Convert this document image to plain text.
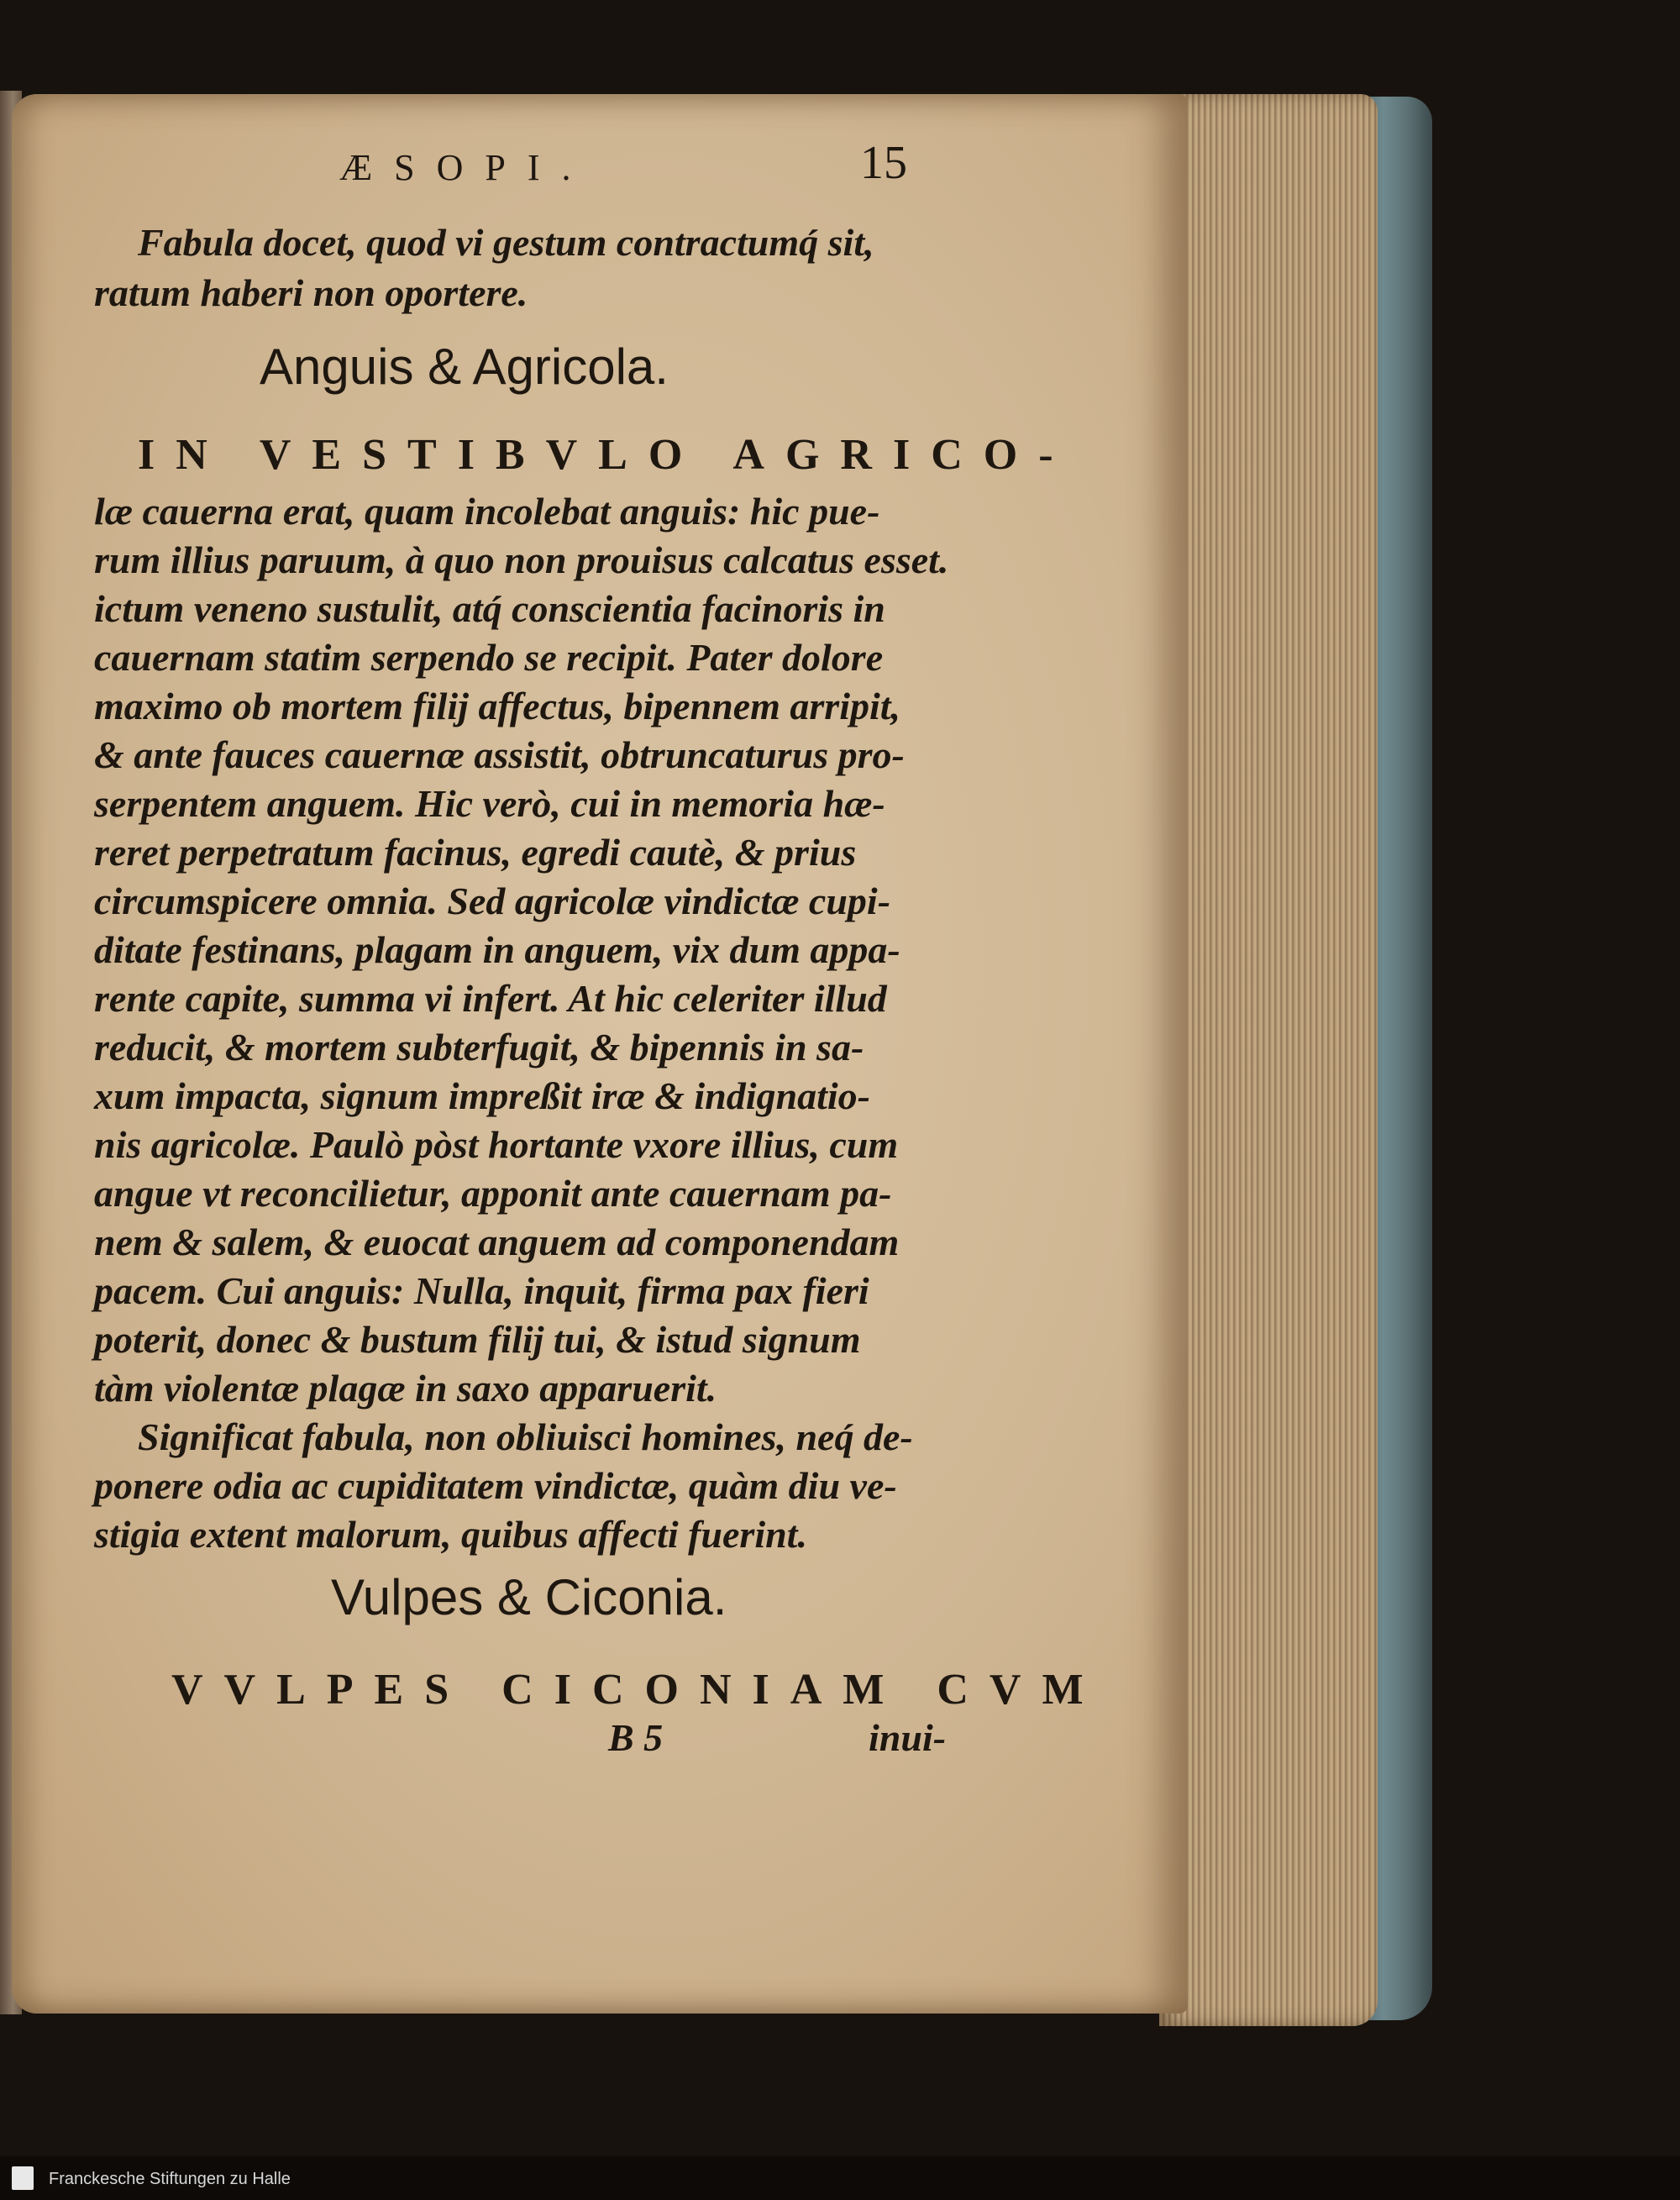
ÆSOPI.	15
Fabula docet, quod vi gestum contractumq́ sit,
ratum haberi non oportere.
Anguis & Agricola.
IN VESTIBVLO AGRICO-
læ cauerna erat, quam incolebat anguis: hic pue-
rum illius paruum, à quo non prouisus calcatus esset.
ictum veneno sustulit, atq́ conscientia facinoris in
cauernam statim serpendo se recipit. Pater dolore
maximo ob mortem filij affectus, bipennem arripit,
& ante fauces cauernæ assistit, obtruncaturus pro-
serpentem anguem. Hic verò, cui in memoria hæ-
reret perpetratum facinus, egredi cautè, & prius
circumspicere omnia. Sed agricolæ vindictæ cupi-
ditate festinans, plagam in anguem, vix dum appa-
rente capite, summa vi infert. At hic celeriter illud
reducit, & mortem subterfugit, & bipennis in sa-
xum impacta, signum impreßit iræ & indignatio-
nis agricolæ. Paulò pòst hortante vxore illius, cum
angue vt reconcilietur, apponit ante cauernam pa-
nem & salem, & euocat anguem ad componendam
pacem. Cui anguis: Nulla, inquit, firma pax fieri
poterit, donec & bustum filij tui, & istud signum
tàm violentæ plagæ in saxo apparuerit.
Significat fabula, non obliuisci homines, neq́ de-
ponere odia ac cupiditatem vindictæ, quàm diu ve-
stigia extent malorum, quibus affecti fuerint.
Vulpes & Ciconia.
VVLPES CICONIAM CVM
B 5	inui-
Franckesche Stiftungen zu Halle
